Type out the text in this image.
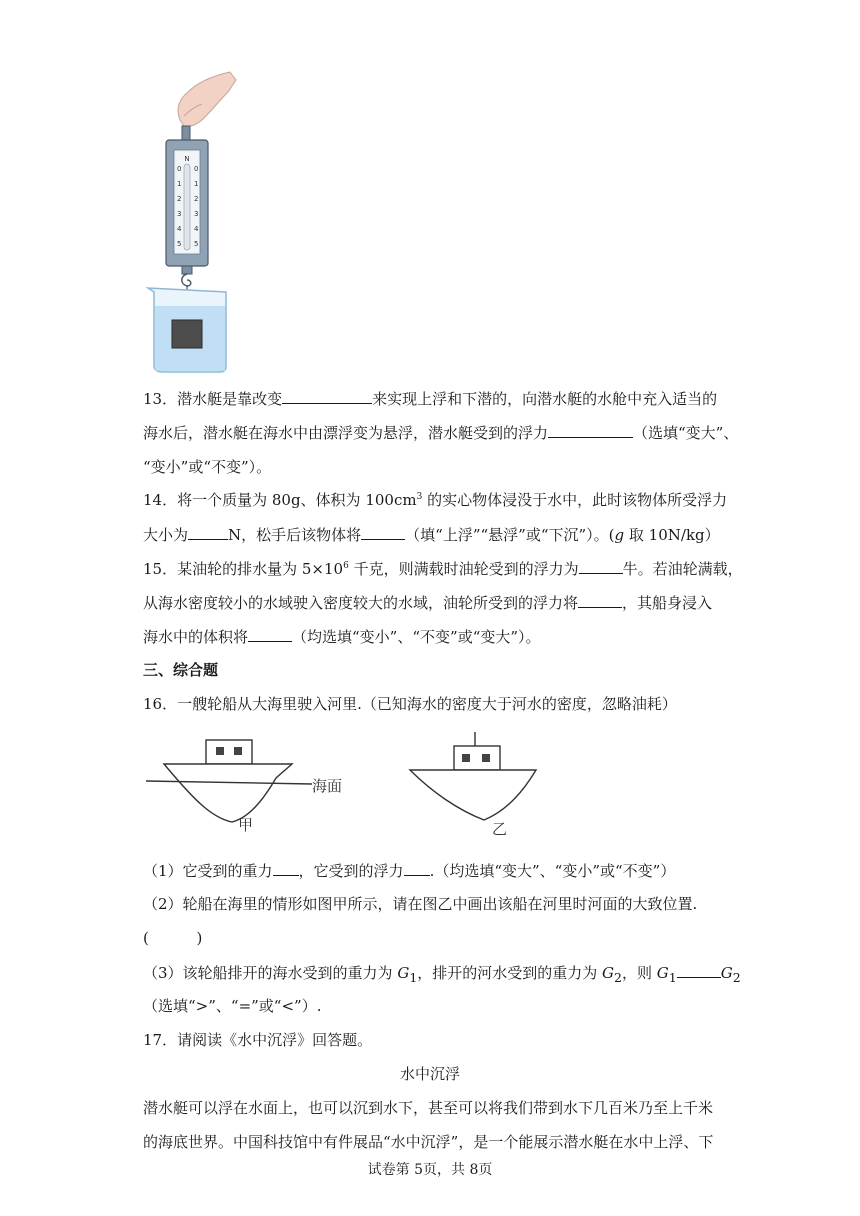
N
0
1
2
3
4
5
0
1
2
3
4
5
13．潜水艇是靠改变	来实现上浮和下潜的，向潜水艇的水舱中充入适当的
海水后，潜水艇在海水中由漂浮变为悬浮，潜水艇受到的浮力	（选填“变大”、
“变小”或“不变”）。
14．将一个质量为 80g、体积为 $100cm^3$ 的实心物体浸没于水中，此时该物体所受浮力
大小为	N，松手后该物体将	（填“上浮”“悬浮”或“下沉”）。(g 取 10N/kg）
15．某油轮的排水量为 $5\times 10^6$ 千克，则满载时油轮受到的浮力为	牛。若油轮满载，
从海水密度较小的水域驶入密度较大的水域，油轮所受到的浮力将	，其船身浸入
海水中的体积将	（均选填“变小”、“不变”或“变大”）。
三、综合题
16．一艘轮船从大海里驶入河里.（已知海水的密度大于河水的密度，忽略油耗）
海面
甲	乙
（1）它受到的重力 ，它受到的浮力 .（均选填“变大”、“变小”或“不变”）
（2）轮船在海里的情形如图甲所示，请在图乙中画出该船在河里时河面的大致位置.
(          )
（3）该轮船排开的海水受到的重力为 $G_1$，排开的河水受到的重力为 $G_2$，则 $G_1$	$G_2$
（选填“>”、“=”或“<”）.
17．请阅读《水中沉浮》回答题。
水中沉浮
潜水艇可以浮在水面上，也可以沉到水下，甚至可以将我们带到水下几百米乃至上千米
的海底世界。中国科技馆中有件展品“水中沉浮”，是一个能展示潜水艇在水中上浮、下
试卷第 5页，共 8页
